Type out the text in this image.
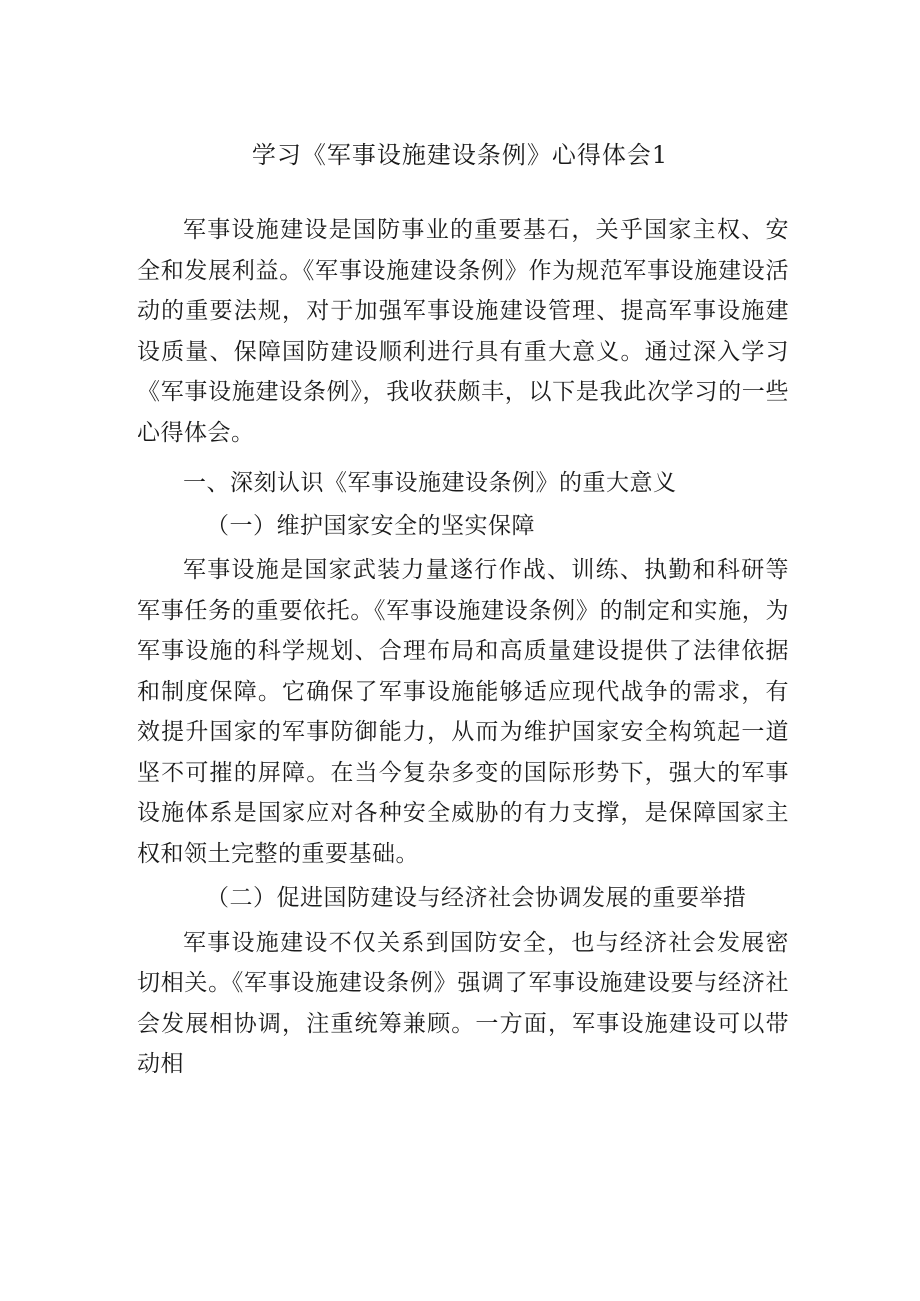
学习《军事设施建设条例》心得体会1

军事设施建设是国防事业的重要基石，关乎国家主权、安全和发展利益。《军事设施建设条例》作为规范军事设施建设活动的重要法规，对于加强军事设施建设管理、提高军事设施建设质量、保障国防建设顺利进行具有重大意义。通过深入学习《军事设施建设条例》，我收获颇丰，以下是我此次学习的一些心得体会。

一、深刻认识《军事设施建设条例》的重大意义

（一）维护国家安全的坚实保障

军事设施是国家武装力量遂行作战、训练、执勤和科研等军事任务的重要依托。《军事设施建设条例》的制定和实施，为军事设施的科学规划、合理布局和高质量建设提供了法律依据和制度保障。它确保了军事设施能够适应现代战争的需求，有效提升国家的军事防御能力，从而为维护国家安全构筑起一道坚不可摧的屏障。在当今复杂多变的国际形势下，强大的军事设施体系是国家应对各种安全威胁的有力支撑，是保障国家主权和领土完整的重要基础。

（二）促进国防建设与经济社会协调发展的重要举措

军事设施建设不仅关系到国防安全，也与经济社会发展密切相关。《军事设施建设条例》强调了军事设施建设要与经济社会发展相协调，注重统筹兼顾。一方面，军事设施建设可以带动相
